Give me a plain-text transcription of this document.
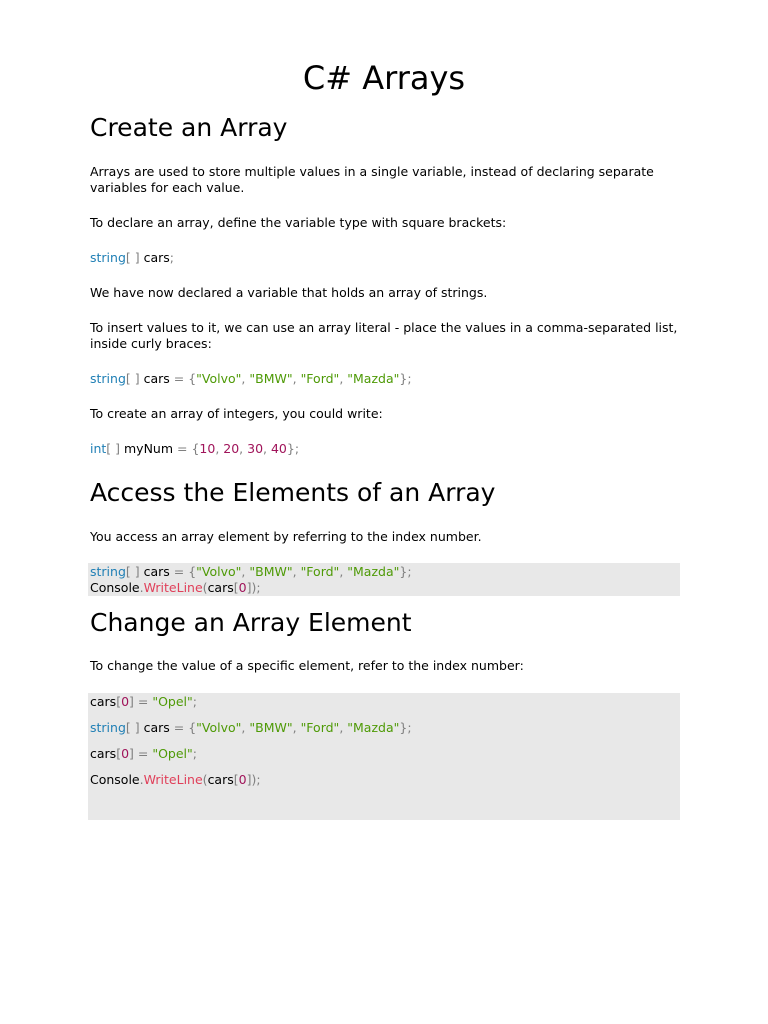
C# Arrays
Create an Array

Arrays are used to store multiple values in a single variable, instead of declaring separate variables for each value.

To declare an array, define the variable type with square brackets:

string[ ] cars;

We have now declared a variable that holds an array of strings.

To insert values to it, we can use an array literal - place the values in a comma-separated list, inside curly braces:

string[ ] cars = {"Volvo", "BMW", "Ford", "Mazda"};

To create an array of integers, you could write:

int[ ] myNum = {10, 20, 30, 40};
Access the Elements of an Array

You access an array element by referring to the index number.

string[ ] cars = {"Volvo", "BMW", "Ford", "Mazda"};
Console.WriteLine(cars[0]);
Change an Array Element

To change the value of a specific element, refer to the index number:

cars[0] = "Opel";
string[ ] cars = {"Volvo", "BMW", "Ford", "Mazda"};
cars[0] = "Opel";
Console.WriteLine(cars[0]);
